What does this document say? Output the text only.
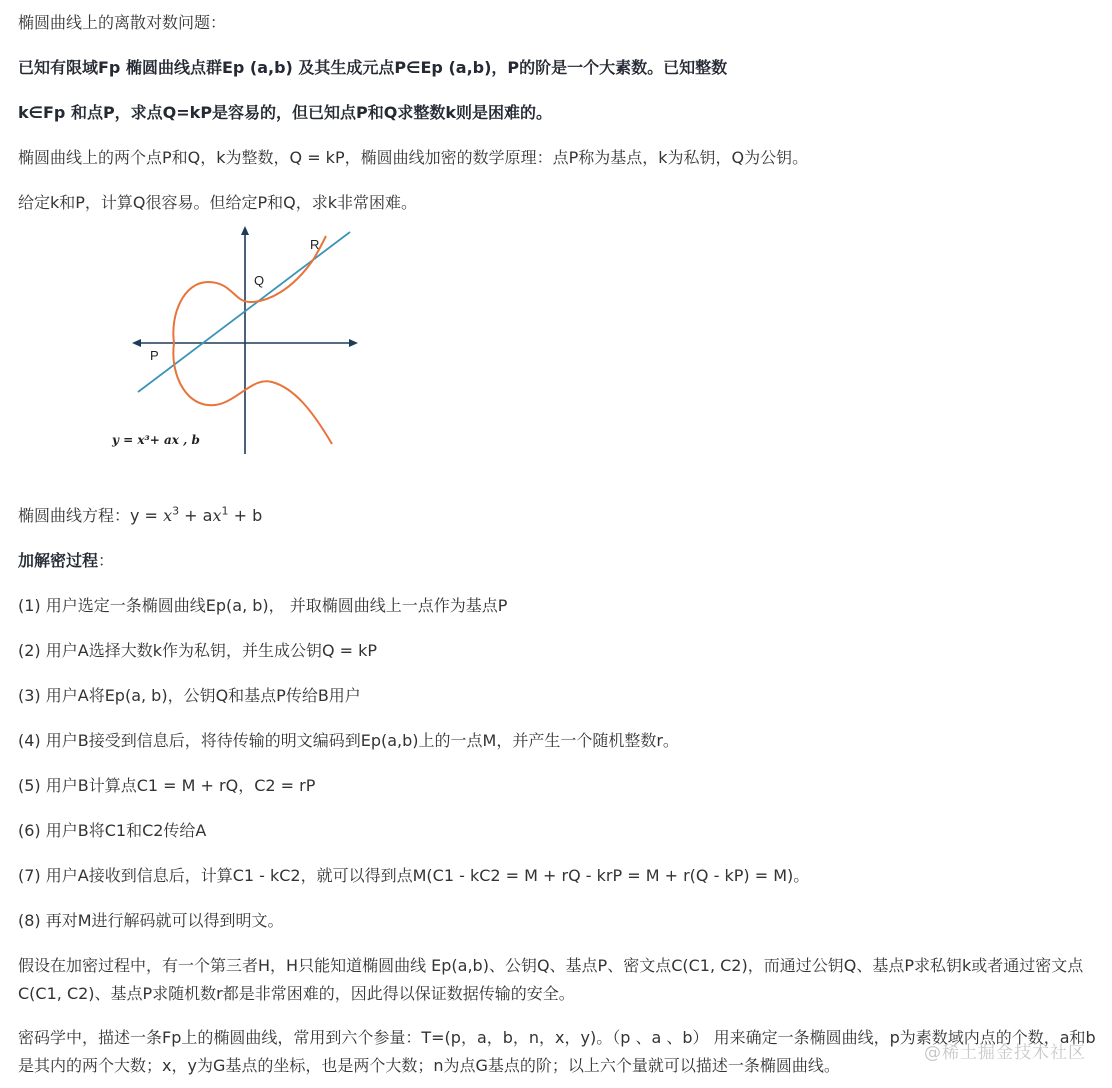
椭圆曲线上的离散对数问题：
已知有限域Fp 椭圆曲线点群Ep (a,b) 及其生成元点P∈Ep (a,b)，P的阶是一个大素数。已知整数
k∈Fp 和点P，求点Q=kP是容易的，但已知点P和Q求整数k则是困难的。
椭圆曲线上的两个点P和Q，k为整数，Q = kP，椭圆曲线加密的数学原理：点P称为基点，k为私钥，Q为公钥。
给定k和P，计算Q很容易。但给定P和Q，求k非常困难。
椭圆曲线方程：$y = x^3 + ax^1 + b$
加解密过程：
(1) 用户选定一条椭圆曲线Ep(a, b)， 并取椭圆曲线上一点作为基点P
(2) 用户A选择大数k作为私钥，并生成公钥Q = kP
(3) 用户A将Ep(a, b)，公钥Q和基点P传给B用户
(4) 用户B接受到信息后，将待传输的明文编码到Ep(a,b)上的一点M，并产生一个随机整数r。
(5) 用户B计算点C1 = M + rQ，C2 = rP
(6) 用户B将C1和C2传给A
(7) 用户A接收到信息后，计算C1 - kC2，就可以得到点M(C1 - kC2 = M + rQ - krP = M + r(Q - kP) = M)。
(8) 再对M进行解码就可以得到明文。
假设在加密过程中，有一个第三者H，H只能知道椭圆曲线 Ep(a,b)、公钥Q、基点P、密文点C(C1, C2)，而通过公钥Q、基点P求私钥k或者通过密文点C(C1, C2)、基点P求随机数r都是非常困难的，因此得以保证数据传输的安全。
密码学中，描述一条Fp上的椭圆曲线，常用到六个参量：T=(p，a，b，n，x，y)。（p 、a 、b） 用来确定一条椭圆曲线，p为素数域内点的个数，a和b是其内的两个大数；x，y为G基点的坐标，也是两个大数；n为点G基点的阶；以上六个量就可以描述一条椭圆曲线。
R
Q
P
y = x³+ ax , b
@稀土掘金技术社区
